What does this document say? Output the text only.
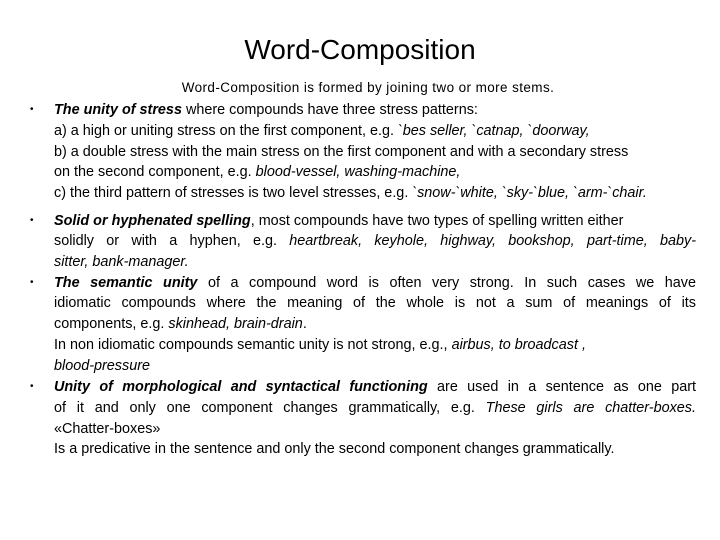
Word-Composition
Word-Composition is formed by joining two or more stems.
•
•
•
•
The unity of stress where compounds have three stress patterns:
a) a high or uniting stress on the first component, e.g. `bes seller, `catnap, `doorway,
b) a double stress with the main stress on the first component and with a secondary stress
on the second component, e.g. blood-vessel, washing-machine,
c) the third pattern of stresses is two level stresses, e.g. `snow-`white, `sky-`blue, `arm-`chair.
Solid or hyphenated spelling, most compounds have two types of spelling written either
solidly or with a hyphen, e.g. heartbreak, keyhole, highway, bookshop, part-time, baby-
sitter, bank-manager.
The semantic unity of a compound word is often very strong. In such cases we have
idiomatic compounds where the meaning of the whole is not a sum of meanings of its
components, e.g. skinhead, brain-drain.
In non idiomatic compounds semantic unity is not strong, e.g., airbus, to broadcast ,
blood-pressure
Unity of morphological and syntactical functioning are used in a sentence as one part
of it and only one component changes grammatically, e.g. These girls are chatter-boxes.
«Chatter-boxes»
Is a predicative in the sentence and only the second component changes grammatically.
